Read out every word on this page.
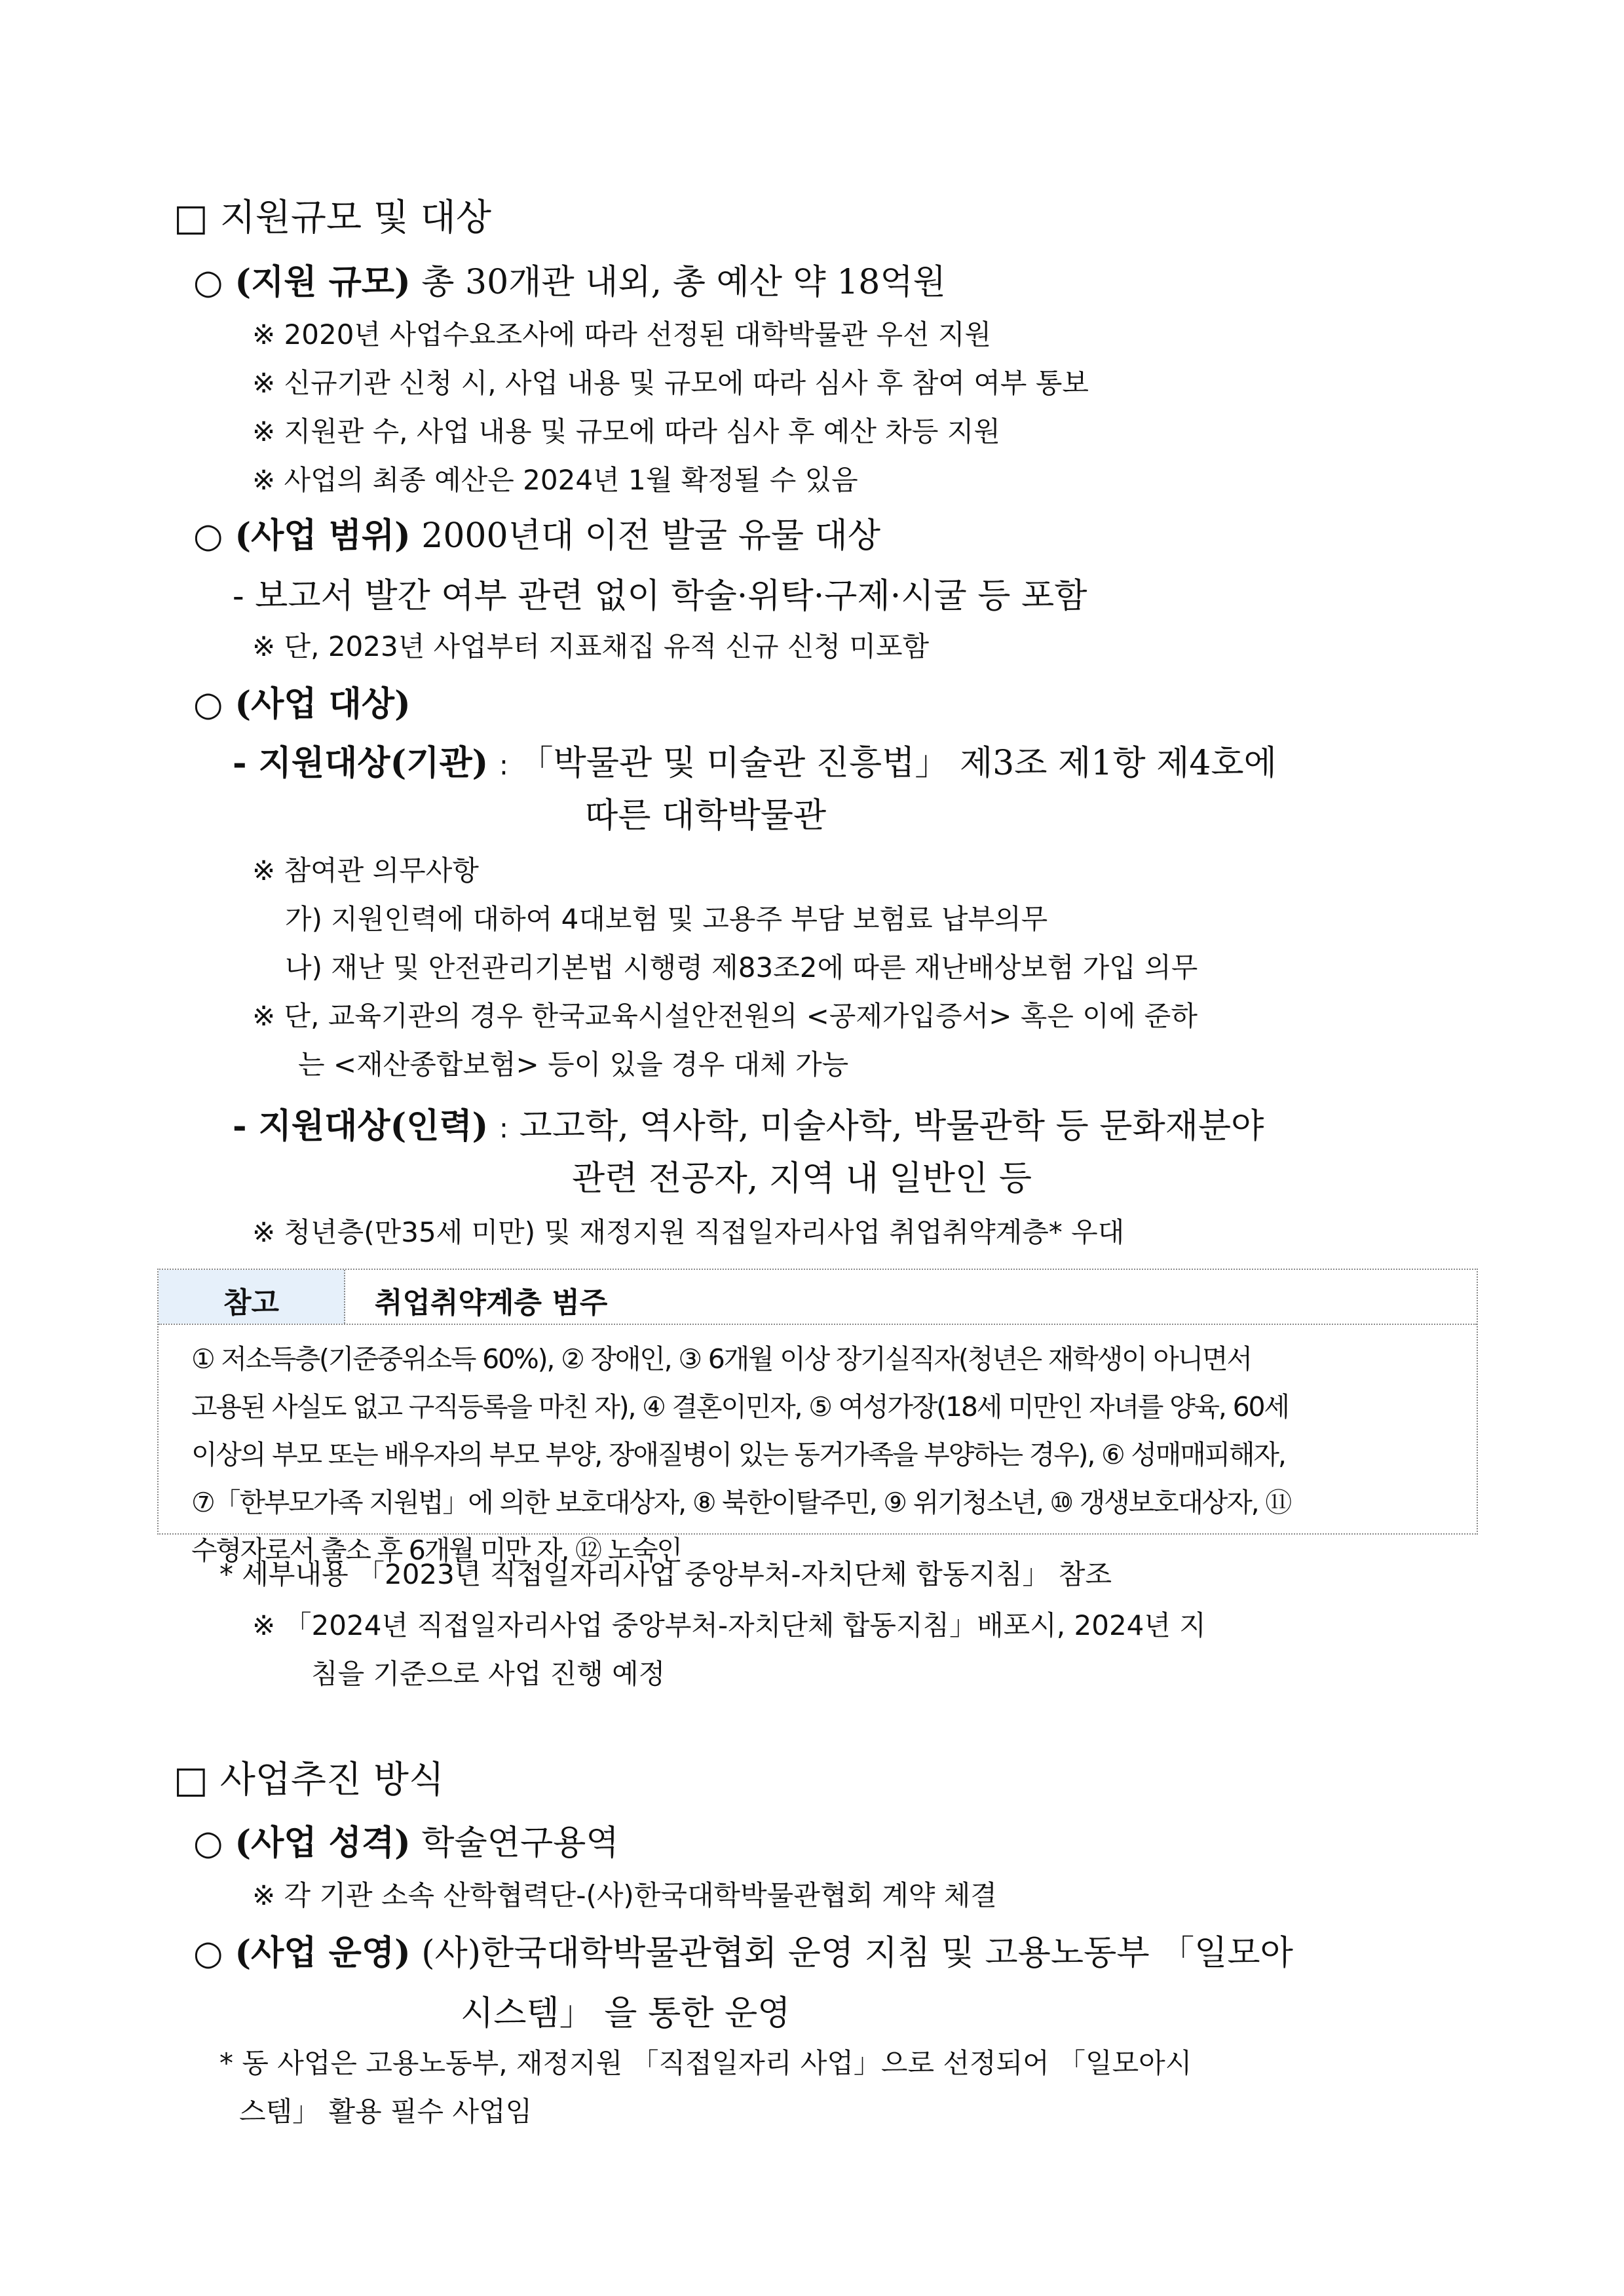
□ 지원규모 및 대상
○ (지원 규모) 총 30개관 내외, 총 예산 약 18억원
※ 2020년 사업수요조사에 따라 선정된 대학박물관 우선 지원
※ 신규기관 신청 시, 사업 내용 및 규모에 따라 심사 후 참여 여부 통보
※ 지원관 수, 사업 내용 및 규모에 따라 심사 후 예산 차등 지원
※ 사업의 최종 예산은 2024년 1월 확정될 수 있음
○ (사업 범위) 2000년대 이전 발굴 유물 대상
- 보고서 발간 여부 관련 없이 학술·위탁·구제·시굴 등 포함
※ 단, 2023년 사업부터 지표채집 유적 신규 신청 미포함
○ (사업 대상)
- 지원대상(기관) : 「박물관 및 미술관 진흥법」 제3조 제1항 제4호에
따른 대학박물관
※ 참여관 의무사항
가) 지원인력에 대하여 4대보험 및 고용주 부담 보험료 납부의무
나) 재난 및 안전관리기본법 시행령 제83조2에 따른 재난배상보험 가입 의무
※ 단, 교육기관의 경우 한국교육시설안전원의 <공제가입증서> 혹은 이에 준하
는 <재산종합보험> 등이 있을 경우 대체 가능
- 지원대상(인력) : 고고학, 역사학, 미술사학, 박물관학 등 문화재분야
관련 전공자, 지역 내 일반인 등
※ 청년층(만35세 미만) 및 재정지원 직접일자리사업 취업취약계층* 우대
참고	취업취약계층 범주
① 저소득층(기준중위소득 60%), ② 장애인, ③ 6개월 이상 장기실직자(청년은 재학생이 아니면서
고용된 사실도 없고 구직등록을 마친 자), ④ 결혼이민자, ⑤ 여성가장(18세 미만인 자녀를 양육, 60세
이상의 부모 또는 배우자의 부모 부양, 장애질병이 있는 동거가족을 부양하는 경우), ⑥ 성매매피해자,
⑦「한부모가족 지원법」에 의한 보호대상자, ⑧ 북한이탈주민, ⑨ 위기청소년, ⑩ 갱생보호대상자, ⑪
수형자로서 출소 후 6개월 미만 자, ⑫ 노숙인
* 세부내용 「2023년 직접일자리사업 중앙부처-자치단체 합동지침」 참조
※ 「2024년 직접일자리사업 중앙부처-자치단체 합동지침」배포시, 2024년 지
침을 기준으로 사업 진행 예정
□ 사업추진 방식
○ (사업 성격) 학술연구용역
※ 각 기관 소속 산학협력단-(사)한국대학박물관협회 계약 체결
○ (사업 운영) (사)한국대학박물관협회 운영 지침 및 고용노동부 「일모아
시스템」 을 통한 운영
* 동 사업은 고용노동부, 재정지원 「직접일자리 사업」으로 선정되어 「일모아시
스템」 활용 필수 사업임
